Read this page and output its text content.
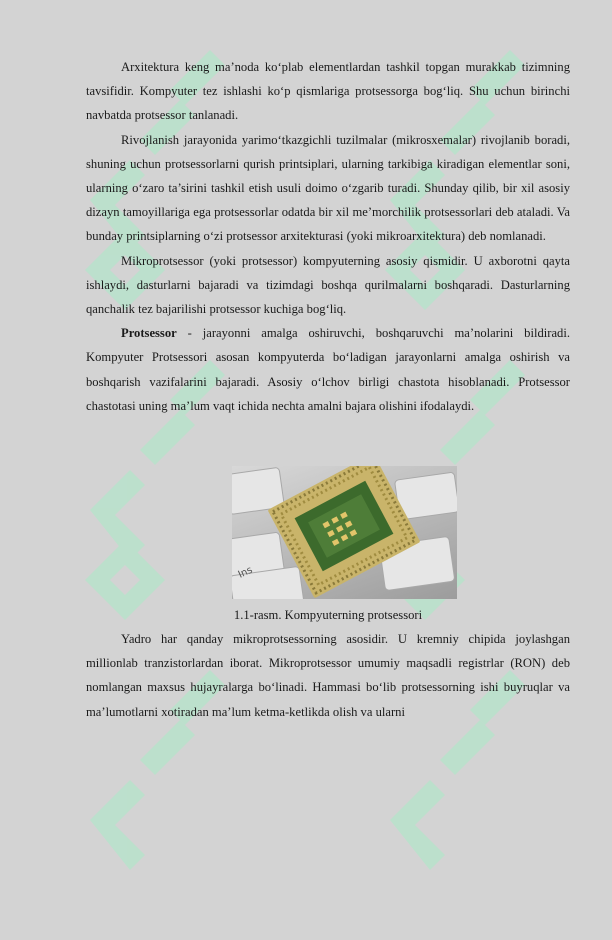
Arxitektura keng ma’noda ko‘plab elementlardan tashkil topgan murakkab tizimning tavsifidir. Kompyuter tez ishlashi ko‘p qismlariga protsessorga bog‘liq. Shu uchun birinchi navbatda protsessor tanlanadi.

Rivojlanish jarayonida yarimo‘tkazgichli tuzilmalar (mikrosxemalar) rivojlanib boradi, shuning uchun protsessorlarni qurish printsiplari, ularning tarkibiga kiradigan elementlar soni, ularning o‘zaro ta’sirini tashkil etish usuli doimo o‘zgarib turadi. Shunday qilib, bir xil asosiy dizayn tamoyillariga ega protsessorlar odatda bir xil me’morchilik protsessorlari deb ataladi. Va bunday printsiplarning o‘zi protsessor arxitekturasi (yoki mikroarxitektura) deb nomlanadi.

Mikroprotsessor (yoki protsessor) kompyuterning asosiy qismidir. U axborotni qayta ishlaydi, dasturlarni bajaradi va tizimdagi boshqa qurilmalarni boshqaradi. Dasturlarning qanchalik tez bajarilishi protsessor kuchiga bog‘liq.

Protsessor - jarayonni amalga oshiruvchi, boshqaruvchi ma’nolarini bildiradi. Kompyuter Protsessori asosan kompyuterda bo‘ladigan jarayonlarni amalga oshirish va boshqarish vazifalarini bajaradi. Asosiy o‘lchov birligi chastota hisoblanadi. Protsessor chastotasi uning ma’lum vaqt ichida nechta amalni bajara olishini ifodalaydi.

Ins
1.1-rasm. Kompyuterning protsessori

Yadro har qanday mikroprotsessorning asosidir. U kremniy chipida joylashgan millionlab tranzistorlardan iborat. Mikroprotsessor umumiy maqsadli registrlar (RON) deb nomlangan maxsus hujayralarga bo‘linadi. Hammasi bo‘lib protsessorning ishi buyruqlar va ma’lumotlarni xotiradan ma’lum ketma-ketlikda olish va ularni
